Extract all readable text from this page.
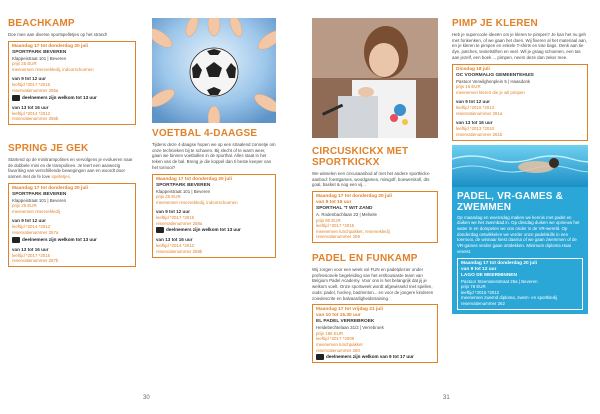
BEACHKAMP
Doe mee aan diverse sportspelletjes op het strand!
Maandag 17 tot donderdag 20 juli
SPORTPARK BEVEREN
Klappeistraat 101 | Beveren
prijs 25 EUR
meenemen reservekledij, indoorschoenen
van 9 tot 12 uur
leeftijd *2017 *2015
reservatienummer 256a
deelnemers zijn welkom tot 13 uur
van 13 tot 16 uur
leeftijd *2014 *2012
reservatienummer 256b
SPRING JE GEK
Startend op de minitrampolines en vervolgens je evolueren naar de dubbele mini en de trampolines. Je leert een aanwezig favoriting van verschillende bewegingen aan en woordt door sarnen met de fe love spelletjes.
Maandag 17 tot donderdag 20 juli
SPORTPARK BEVEREN
Klappeistraat 101 | Beveren
prijs 25 EUR
meenemen reservekledij
van 9 tot 12 uur
leeftijd *2014 *2012
reservatienummer 257a
deelnemers zijn welkom tot 13 uur
van 13 tot 16 uur
leeftijd *2017 *2015
reservatienummer 257b
VOETBAL 4-DAAGSE
Tijdens deze 4-daagse hopen we op een straalend zonnetje om onze technieken bij te schaven. Bij slecht of te warm weer, gaan we binnen voetballen in de sporthal. Alles staat in het teken van de bal. Breng je die koppel dan ti beste keeper van het tornooi?
Maandag 17 tot donderdag 20 juli
SPORTPARK BEVEREN
Klappeistraat 101 | Beveren
prijs 25 EUR
meenemen reservekledij, indoorschoenen
van 9 tot 12 uur
leeftijd *2017 *2015
reservatienummer 258a
deelnemers zijn welkom tot 13 uur
van 13 tot 16 uur
leeftijd *2014 *2012
reservatienummer 258b
30
CIRCUSKICKX MET SPORTKICKX
We wisselen een circusaanbod af met het andere sportkickx-aanbod: foestgames, woodgames, minigolf, boewerskoll, dts goal, basket & nog een vij...
Maandag 17 tot donderdag 20 juli
van 9 tot 16 uur
SPORTHAL 'T WIT ZAND
A. Rodenbachlaan 23 | Melsele
prijs 80 EUR
leeftijd *2017 *2015
meenemen lunchpakket, reservekledij
reservatienummer 259
PADEL EN FUNKAMP
Wij zorgen voor een week vol FUN en padelplezier onder professionele begeleiding van het enthousiaste team van Belgium Padel Academy. Voor ons is het belangrijk dat jij je welkom voelt. Onze sportweek wordt afgewisseld met spellen, ouds: padel, hockey, badminton... en voor de jongere kinderen zoiedescrite en balvaardigheidstraining.
Maandag 17 tot vrijdag 21 juli
van 10 tot 15.30 uur
EL PADEL VERREBROEK
Heldebechtelaan 31/2 | Verrebroek
prijs 186 EUR
leeftijd *2017 *2009
meenemen lunchpakket
reservatienummer 260
deelnemers zijn welkom van 9 tot 17 uur
PIMP JE KLEREN
Heb je supercoole ideeën om je kleren te pimpen? Je kan het nu geh met fonkenken, of we gaan het doen. Wij fixeren al het materiaal aan, en je kleren te pimpen en enkele T-shirts en tote bags. Denk aan tie dye, patches, textielstiften en veel. Wil je graag schoenen, een tas aan jezelf, een boek ... pimpen, neem deze dan zeker mee.
Dinsdag 18 juli
OC VOORMALIG GEMEENTEHUIS
Pastoor Verwilghenplein 5 | Haasdonk
prijs 15 EUR
meenemen kleren die je wil pimpen
van 9 tot 12 uur
leeftijd *2016 *2013
reservatienummer 261a
van 13 tot 16 uur
leeftijd *2013 *2010
reservatienummer 261b
PADEL, VR-GAMES & ZWEMMEN
Op maandag en woensdag maken we kennis met padel en duiken we het zwembad in. Op dinsdag duiken we opnieuw het water in en dompelen we ons onder in de VR-wereld. Op donderdag ontwikkelen we verder onze padelskills in een toernooi, de winnaar kiest daarna of we gaan zwemmen of de VR-games verder gaan ontdekken. Minimum diploma Haai vereist.
Maandag 17 tot donderdag 20 juli
van 9 tot 12 uur
LAGO DE MEERMINNEN
Pastoor Steenssenstraat 26a | Beveren
prijs 78 EUR
leeftijd *2015 *2012
meenemen zwemd diploma, zwem- en sportkledij
reservatienummer 262
31
